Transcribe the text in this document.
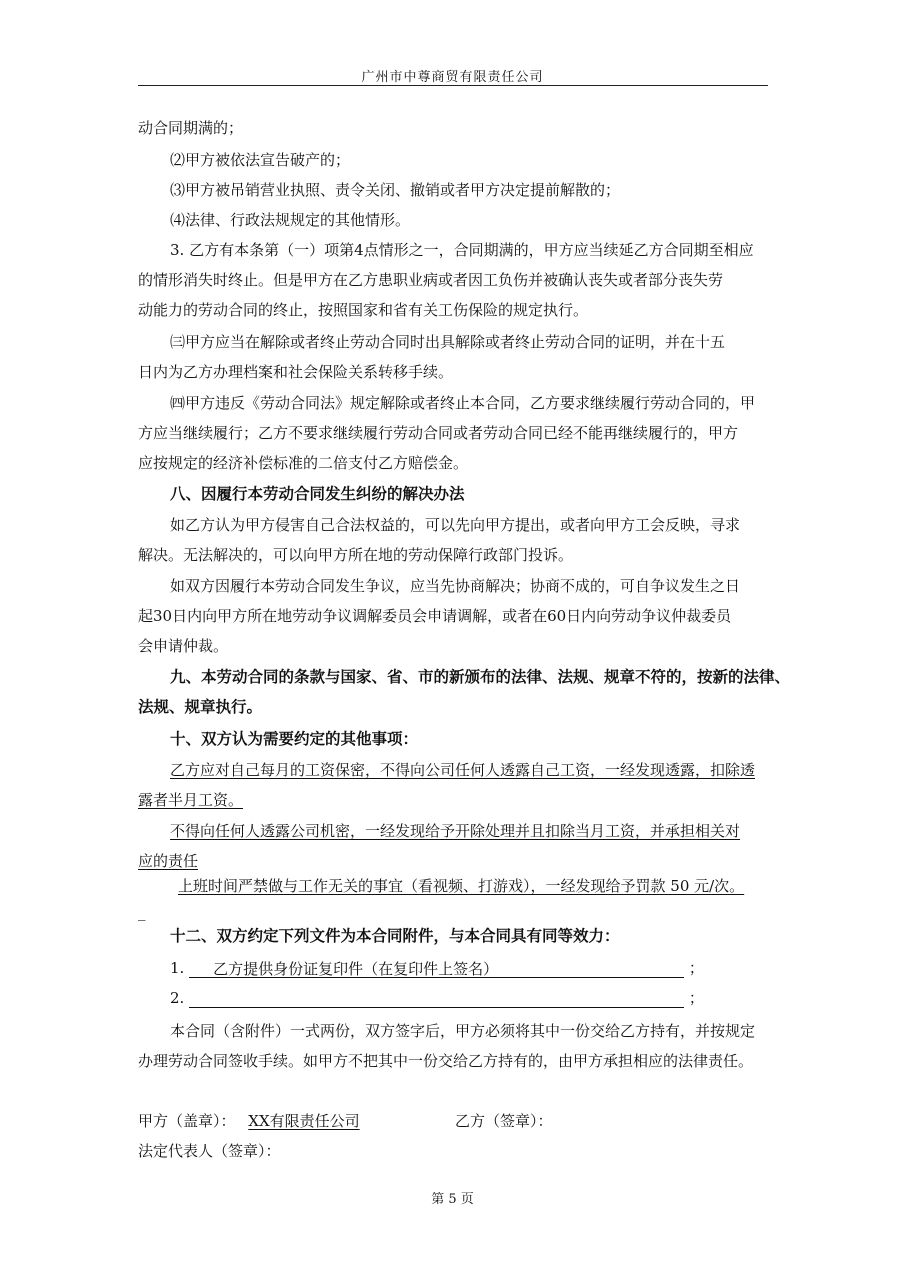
广州市中尊商贸有限责任公司
动合同期满的；
⑵甲方被依法宣告破产的；
⑶甲方被吊销营业执照、责令关闭、撤销或者甲方决定提前解散的；
⑷法律、行政法规规定的其他情形。
3. 乙方有本条第（一）项第4点情形之一，合同期满的，甲方应当续延乙方合同期至相应
的情形消失时终止。但是甲方在乙方患职业病或者因工负伤并被确认丧失或者部分丧失劳
动能力的劳动合同的终止，按照国家和省有关工伤保险的规定执行。
㈢甲方应当在解除或者终止劳动合同时出具解除或者终止劳动合同的证明，并在十五
日内为乙方办理档案和社会保险关系转移手续。
㈣甲方违反《劳动合同法》规定解除或者终止本合同，乙方要求继续履行劳动合同的，甲
方应当继续履行；乙方不要求继续履行劳动合同或者劳动合同已经不能再继续履行的，甲方
应按规定的经济补偿标准的二倍支付乙方赔偿金。
八、因履行本劳动合同发生纠纷的解决办法
如乙方认为甲方侵害自己合法权益的，可以先向甲方提出，或者向甲方工会反映，寻求
解决。无法解决的，可以向甲方所在地的劳动保障行政部门投诉。
如双方因履行本劳动合同发生争议，应当先协商解决；协商不成的，可自争议发生之日
起30日内向甲方所在地劳动争议调解委员会申请调解，或者在60日内向劳动争议仲裁委员
会申请仲裁。
九、本劳动合同的条款与国家、省、市的新颁布的法律、法规、规章不符的，按新的法律、
法规、规章执行。
十、双方认为需要约定的其他事项：
乙方应对自己每月的工资保密，不得向公司任何人透露自己工资，一经发现透露，扣除透
露者半月工资。
不得向任何人透露公司机密，一经发现给予开除处理并且扣除当月工资，并承担相关对
应的责任
上班时间严禁做与工作无关的事宜（看视频、打游戏），一经发现给予罚款 50 元/次。
_
十二、双方约定下列文件为本合同附件，与本合同具有同等效力：
1. 乙方提供身份证复印件（在复印件上签名）	；
2.	；
本合同（含附件）一式两份，双方签字后，甲方必须将其中一份交给乙方持有，并按规定
办理劳动合同签收手续。如甲方不把其中一份交给乙方持有的，由甲方承担相应的法律责任。
甲方（盖章）： XX有限责任公司	乙方（签章）：
法定代表人（签章）：
第 5 页
